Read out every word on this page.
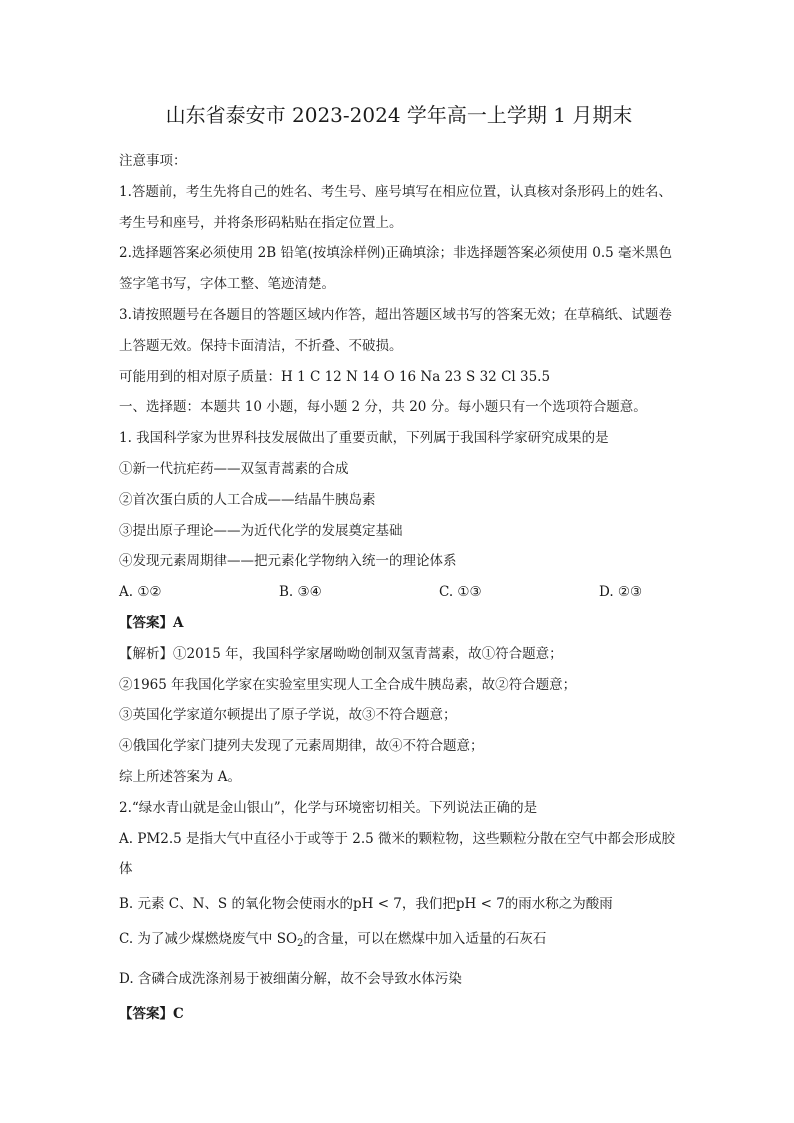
山东省泰安市 2023-2024 学年高一上学期 1 月期末

注意事项：

1.答题前，考生先将自己的姓名、考生号、座号填写在相应位置，认真核对条形码上的姓名、考生号和座号，并将条形码粘贴在指定位置上。

2.选择题答案必须使用 2B 铅笔(按填涂样例)正确填涂；非选择题答案必须使用 0.5 毫米黑色签字笔书写，字体工整、笔迹清楚。

3.请按照题号在各题目的答题区域内作答，超出答题区域书写的答案无效；在草稿纸、试题卷上答题无效。保持卡面清洁，不折叠、不破损。

可能用到的相对原子质量：H 1 C 12 N 14 O 16 Na 23 S 32 Cl 35.5

一、选择题：本题共 10 小题，每小题 2 分，共 20 分。每小题只有一个选项符合题意。

1. 我国科学家为世界科技发展做出了重要贡献，下列属于我国科学家研究成果的是

①新一代抗疟药——双氢青蒿素的合成

②首次蛋白质的人工合成——结晶牛胰岛素

③提出原子理论——为近代化学的发展奠定基础

④发现元素周期律——把元素化学物纳入统一的理论体系

A. ①②	B. ③④	C. ①③	D. ②③

【答案】A

【解析】①2015 年，我国科学家屠呦呦创制双氢青蒿素，故①符合题意；

②1965 年我国化学家在实验室里实现人工全合成牛胰岛素，故②符合题意；

③英国化学家道尔顿提出了原子学说，故③不符合题意；

④俄国化学家门捷列夫发现了元素周期律，故④不符合题意；

综上所述答案为 A。

2.“绿水青山就是金山银山”，化学与环境密切相关。下列说法正确的是

A. PM2.5 是指大气中直径小于或等于 2.5 微米的颗粒物，这些颗粒分散在空气中都会形成胶体

B. 元素 C、N、S 的氧化物会使雨水的pH < 7，我们把pH < 7的雨水称之为酸雨

C. 为了减少煤燃烧废气中 $SO_2$的含量，可以在燃煤中加入适量的石灰石

D. 含磷合成洗涤剂易于被细菌分解，故不会导致水体污染

【答案】C
